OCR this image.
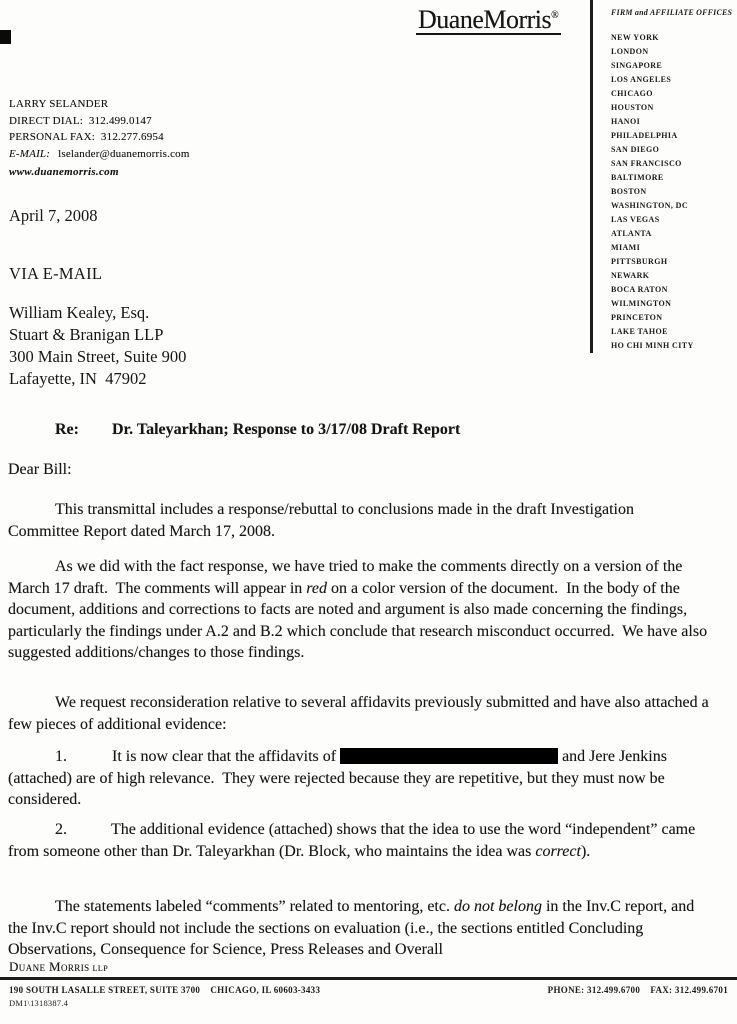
DuaneMorris®	FIRM and AFFILIATE OFFICES
NEW YORK
LONDON
SINGAPORE
LOS ANGELES
CHICAGO
HOUSTON
HANOI
PHILADELPHIA
SAN DIEGO
SAN FRANCISCO
BALTIMORE
BOSTON
WASHINGTON, DC
LAS VEGAS
ATLANTA
MIAMI
PITTSBURGH
NEWARK
BOCA RATON
WILMINGTON
PRINCETON
LAKE TAHOE
HO CHI MINH CITY
LARRY SELANDER
DIRECT DIAL:  312.499.0147
PERSONAL FAX:  312.277.6954
E-MAIL: lselander@duanemorris.com
www.duanemorris.com
April 7, 2008
VIA E-MAIL
William Kealey, Esq.
Stuart & Branigan LLP
300 Main Street, Suite 900
Lafayette, IN  47902

Re: Dr. Taleyarkhan; Response to 3/17/08 Draft Report

Dear Bill:

This transmittal includes a response/rebuttal to conclusions made in the draft Investigation Committee Report dated March 17, 2008.

As we did with the fact response, we have tried to make the comments directly on a version of the March 17 draft.  The comments will appear in red on a color version of the document.  In the body of the document, additions and corrections to facts are noted and argument is also made concerning the findings, particularly the findings under A.2 and B.2 which conclude that research misconduct occurred.  We have also suggested additions/changes to those findings.

We request reconsideration relative to several affidavits previously submitted and have also attached a few pieces of additional evidence:

1.	It is now clear that the affidavits of	and Jere Jenkins (attached) are of high relevance.  They were rejected because they are repetitive, but they must now be considered.

2.	The additional evidence (attached) shows that the idea to use the word “independent” came from someone other than Dr. Taleyarkhan (Dr. Block, who maintains the idea was correct).

The statements labeled “comments” related to mentoring, etc. do not belong in the Inv.C report, and the Inv.C report should not include the sections on evaluation (i.e., the sections entitled Concluding Observations, Consequence for Science, Press Releases and Overall

Duane Morris LLP
190 SOUTH LASALLE STREET, SUITE 3700    CHICAGO, IL 60603-3433	PHONE: 312.499.6700    FAX: 312.499.6701
DM1\1318387.4
